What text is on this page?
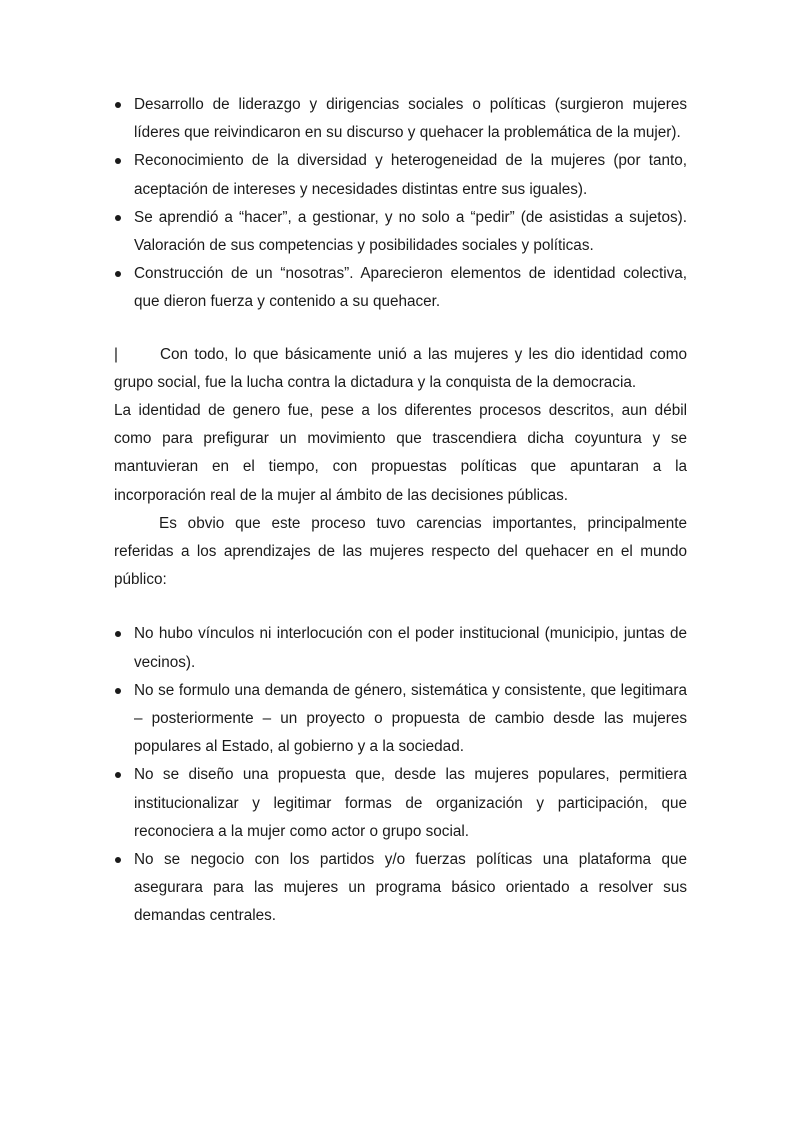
Desarrollo de liderazgo y dirigencias sociales o políticas (surgieron mujeres líderes que reivindicaron en su discurso y quehacer la problemática de la mujer).
Reconocimiento de la diversidad y heterogeneidad de la mujeres (por tanto, aceptación de intereses y necesidades distintas entre sus iguales).
Se aprendió a “hacer”, a gestionar, y no solo a “pedir” (de asistidas a sujetos). Valoración de sus competencias y posibilidades sociales y políticas.
Construcción de un “nosotras”. Aparecieron elementos de identidad colectiva, que dieron fuerza y contenido a su quehacer.

|	Con todo, lo que básicamente unió a las mujeres y les dio identidad como grupo social, fue la lucha contra la dictadura y la conquista de la democracia.

La identidad de genero fue, pese a los diferentes procesos descritos, aun débil como para prefigurar un movimiento que trascendiera dicha coyuntura y se mantuvieran en el tiempo, con propuestas políticas que apuntaran a la incorporación real de la mujer al ámbito de las decisiones públicas.

Es obvio que este proceso tuvo carencias importantes, principalmente referidas a los aprendizajes de las mujeres respecto del quehacer en el mundo público:

No hubo vínculos ni interlocución con el poder institucional (municipio, juntas de vecinos).
No se formulo una demanda de género, sistemática y consistente, que legitimara – posteriormente – un proyecto o propuesta de cambio desde las mujeres populares al Estado, al gobierno y a la sociedad.
No se diseño una propuesta que, desde las mujeres populares, permitiera institucionalizar y legitimar formas de organización y participación, que reconociera a la mujer como actor o grupo social.
No se negocio con los partidos y/o fuerzas políticas una plataforma que asegurara para las mujeres un programa básico orientado a resolver sus demandas centrales.
